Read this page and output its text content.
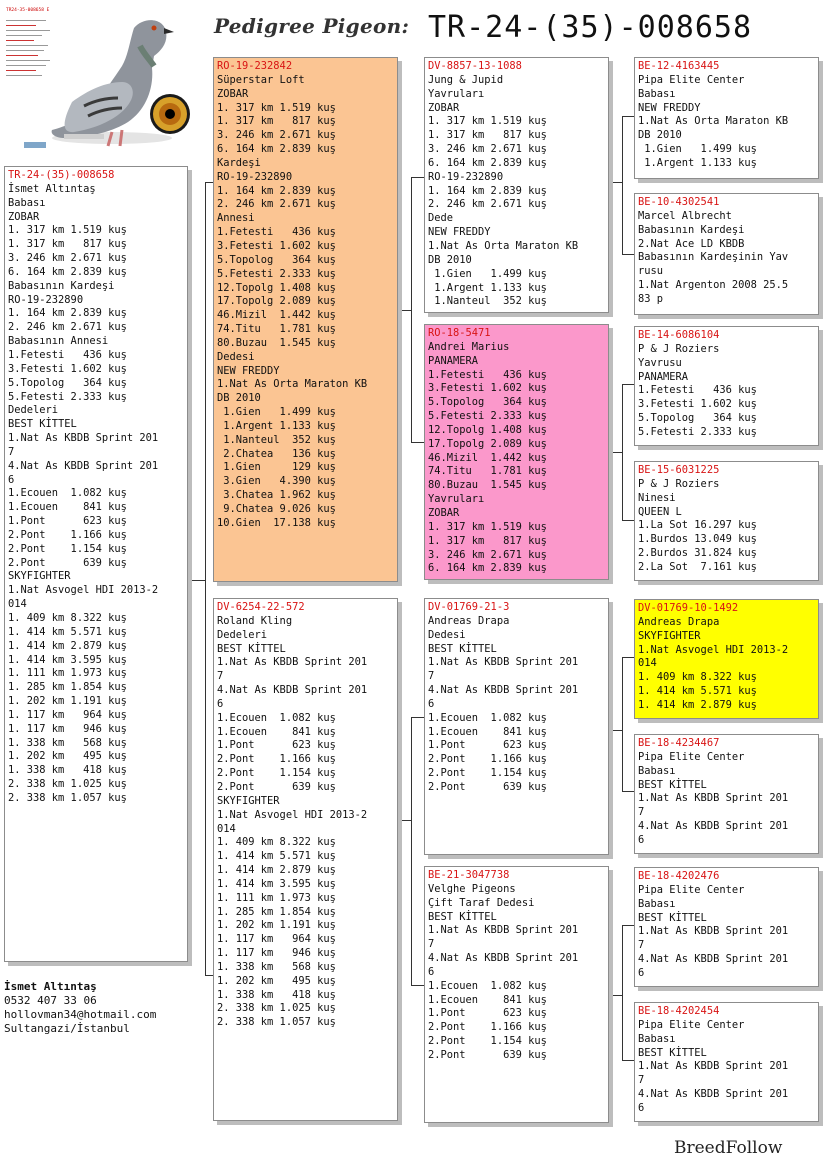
Pedigree Pigeon: TR-24-(35)-008658
TR24-35-008658 E
TR-24-(35)-008658
İsmet Altıntaş
Babası
ZOBAR
1. 317 km 1.519 kuş
1. 317 km   817 kuş
3. 246 km 2.671 kuş
6. 164 km 2.839 kuş
Babasının Kardeşi
RO-19-232890
1. 164 km 2.839 kuş
2. 246 km 2.671 kuş
Babasının Annesi
1.Fetesti   436 kuş
3.Fetesti 1.602 kuş
5.Topolog   364 kuş
5.Fetesti 2.333 kuş
Dedeleri
BEST KİTTEL
1.Nat As KBDB Sprint 201
7
4.Nat As KBDB Sprint 201
6
1.Ecouen  1.082 kuş
1.Ecouen    841 kuş
1.Pont      623 kuş
2.Pont    1.166 kuş
2.Pont    1.154 kuş
2.Pont      639 kuş
SKYFIGHTER
1.Nat Asvogel HDI 2013-2
014
1. 409 km 8.322 kuş
1. 414 km 5.571 kuş
1. 414 km 2.879 kuş
1. 414 km 3.595 kuş
1. 111 km 1.973 kuş
1. 285 km 1.854 kuş
1. 202 km 1.191 kuş
1. 117 km   964 kuş
1. 117 km   946 kuş
1. 338 km   568 kuş
1. 202 km   495 kuş
1. 338 km   418 kuş
2. 338 km 1.025 kuş
2. 338 km 1.057 kuş
RO-19-232842
Süperstar Loft
ZOBAR
1. 317 km 1.519 kuş
1. 317 km   817 kuş
3. 246 km 2.671 kuş
6. 164 km 2.839 kuş
Kardeşi
RO-19-232890
1. 164 km 2.839 kuş
2. 246 km 2.671 kuş
Annesi
1.Fetesti   436 kuş
3.Fetesti 1.602 kuş
5.Topolog   364 kuş
5.Fetesti 2.333 kuş
12.Topolg 1.408 kuş
17.Topolg 2.089 kuş
46.Mizil  1.442 kuş
74.Titu   1.781 kuş
80.Buzau  1.545 kuş
Dedesi
NEW FREDDY
1.Nat As Orta Maraton KB
DB 2010
1.Gien   1.499 kuş
1.Argent 1.133 kuş
1.Nanteul  352 kuş
2.Chatea   136 kuş
1.Gien     129 kuş
3.Gien   4.390 kuş
3.Chatea 1.962 kuş
9.Chatea 9.026 kuş
10.Gien  17.138 kuş
DV-6254-22-572
Roland Kling
Dedeleri
BEST KİTTEL
1.Nat As KBDB Sprint 201
7
4.Nat As KBDB Sprint 201
6
1.Ecouen  1.082 kuş
1.Ecouen    841 kuş
1.Pont      623 kuş
2.Pont    1.166 kuş
2.Pont    1.154 kuş
2.Pont      639 kuş
SKYFIGHTER
1.Nat Asvogel HDI 2013-2
014
1. 409 km 8.322 kuş
1. 414 km 5.571 kuş
1. 414 km 2.879 kuş
1. 414 km 3.595 kuş
1. 111 km 1.973 kuş
1. 285 km 1.854 kuş
1. 202 km 1.191 kuş
1. 117 km   964 kuş
1. 117 km   946 kuş
1. 338 km   568 kuş
1. 202 km   495 kuş
1. 338 km   418 kuş
2. 338 km 1.025 kuş
2. 338 km 1.057 kuş
DV-8857-13-1088
Jung & Jupid
Yavruları
ZOBAR
1. 317 km 1.519 kuş
1. 317 km   817 kuş
3. 246 km 2.671 kuş
6. 164 km 2.839 kuş
RO-19-232890
1. 164 km 2.839 kuş
2. 246 km 2.671 kuş
Dede
NEW FREDDY
1.Nat As Orta Maraton KB
DB 2010
1.Gien   1.499 kuş
1.Argent 1.133 kuş
1.Nanteul  352 kuş
RO-18-5471
Andrei Marius
PANAMERA
1.Fetesti   436 kuş
3.Fetesti 1.602 kuş
5.Topolog   364 kuş
5.Fetesti 2.333 kuş
12.Topolg 1.408 kuş
17.Topolg 2.089 kuş
46.Mizil  1.442 kuş
74.Titu   1.781 kuş
80.Buzau  1.545 kuş
Yavruları
ZOBAR
1. 317 km 1.519 kuş
1. 317 km   817 kuş
3. 246 km 2.671 kuş
6. 164 km 2.839 kuş
DV-01769-21-3
Andreas Drapa
Dedesi
BEST KİTTEL
1.Nat As KBDB Sprint 201
7
4.Nat As KBDB Sprint 201
6
1.Ecouen  1.082 kuş
1.Ecouen    841 kuş
1.Pont      623 kuş
2.Pont    1.166 kuş
2.Pont    1.154 kuş
2.Pont      639 kuş
BE-21-3047738
Velghe Pigeons
Çift Taraf Dedesi
BEST KİTTEL
1.Nat As KBDB Sprint 201
7
4.Nat As KBDB Sprint 201
6
1.Ecouen  1.082 kuş
1.Ecouen    841 kuş
1.Pont      623 kuş
2.Pont    1.166 kuş
2.Pont    1.154 kuş
2.Pont      639 kuş
BE-12-4163445
Pipa Elite Center
Babası
NEW FREDDY
1.Nat As Orta Maraton KB
DB 2010
1.Gien   1.499 kuş
1.Argent 1.133 kuş
BE-10-4302541
Marcel Albrecht
Babasının Kardeşi
2.Nat Ace LD KBDB
Babasının Kardeşinin Yav
rusu
1.Nat Argenton 2008 25.5
83 p
BE-14-6086104
P & J Roziers
Yavrusu
PANAMERA
1.Fetesti   436 kuş
3.Fetesti 1.602 kuş
5.Topolog   364 kuş
5.Fetesti 2.333 kuş
BE-15-6031225
P & J Roziers
Ninesi
QUEEN L
1.La Sot 16.297 kuş
1.Burdos 13.049 kuş
2.Burdos 31.824 kuş
2.La Sot  7.161 kuş
DV-01769-10-1492
Andreas Drapa
SKYFIGHTER
1.Nat Asvogel HDI 2013-2
014
1. 409 km 8.322 kuş
1. 414 km 5.571 kuş
1. 414 km 2.879 kuş
BE-18-4234467
Pipa Elite Center
Babası
BEST KİTTEL
1.Nat As KBDB Sprint 201
7
4.Nat As KBDB Sprint 201
6
BE-18-4202476
Pipa Elite Center
Babası
BEST KİTTEL
1.Nat As KBDB Sprint 201
7
4.Nat As KBDB Sprint 201
6
BE-18-4202454
Pipa Elite Center
Babası
BEST KİTTEL
1.Nat As KBDB Sprint 201
7
4.Nat As KBDB Sprint 201
6
İsmet Altıntaş
0532 407 33 06
hollovman34@hotmail.com
Sultangazi/İstanbul
BreedFollow
